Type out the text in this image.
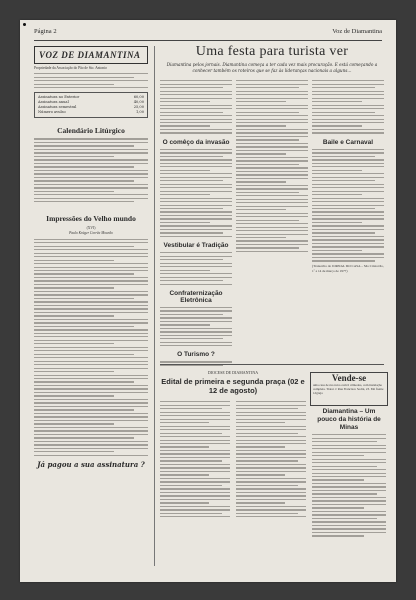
Página 2	Voz de Diamantina
VOZ DE DIAMANTINA
Propriedade da Associação do Pão de Sto. Antonio
Assinatura no Exterior	60,00
Assinatura anual	40,00
Assinatura semestral	25,00
Número avulso	1,00
Calendário Litúrgico
Impressões do Velho mundo
(XVI)
Paulo Krüger Corrêa Mourão
Já pagou a sua assinatura ?
Uma festa para turista ver
Diamantina pelos jornais. Diamantina começa a ter cada vez mais procuração. E está começando a conhecer também os roteiros que se faz às lideranças nacionais a alguns...
O comêço da invasão
Vestibular é Tradição
Confraternização Eletrônica
O Turismo ?
Baile e Carnaval
(Transcrito do JORNAL DO CASA – São Cristovão, 1º a 14 de março de 1977)
DIOCESE DE DIAMANTINA
Edital de primeira e segunda praça (02 e 12 de agosto)
Vende-se
uma casa de rua nova com 6 cômodos, com instalação completa. Tratar c/ Rua Francisco Sodré, 23. Em frente à Igreja
Diamantina – Um pouco da história de Minas
